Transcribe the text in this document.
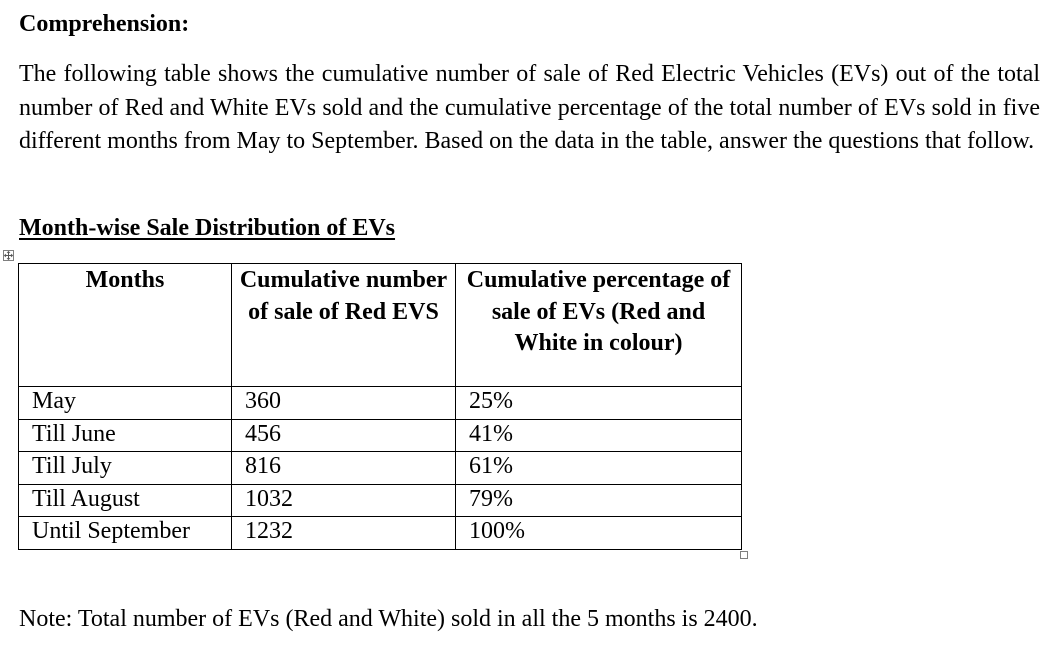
Comprehension:

The following table shows the cumulative number of sale of Red Electric Vehicles (EVs) out of the total number of Red and White EVs sold and the cumulative percentage of the total number of EVs sold in five different months from May to September. Based on the data in the table, answer the questions that follow.

Month-wise Sale Distribution of EVs
Months	Cumulative number of sale of Red EVS	Cumulative percentage of sale of EVs (Red and White in colour)
May	360	25%
Till June	456	41%
Till July	816	61%
Till August	1032	79%
Until September	1232	100%

Note: Total number of EVs (Red and White) sold in all the 5 months is 2400.
